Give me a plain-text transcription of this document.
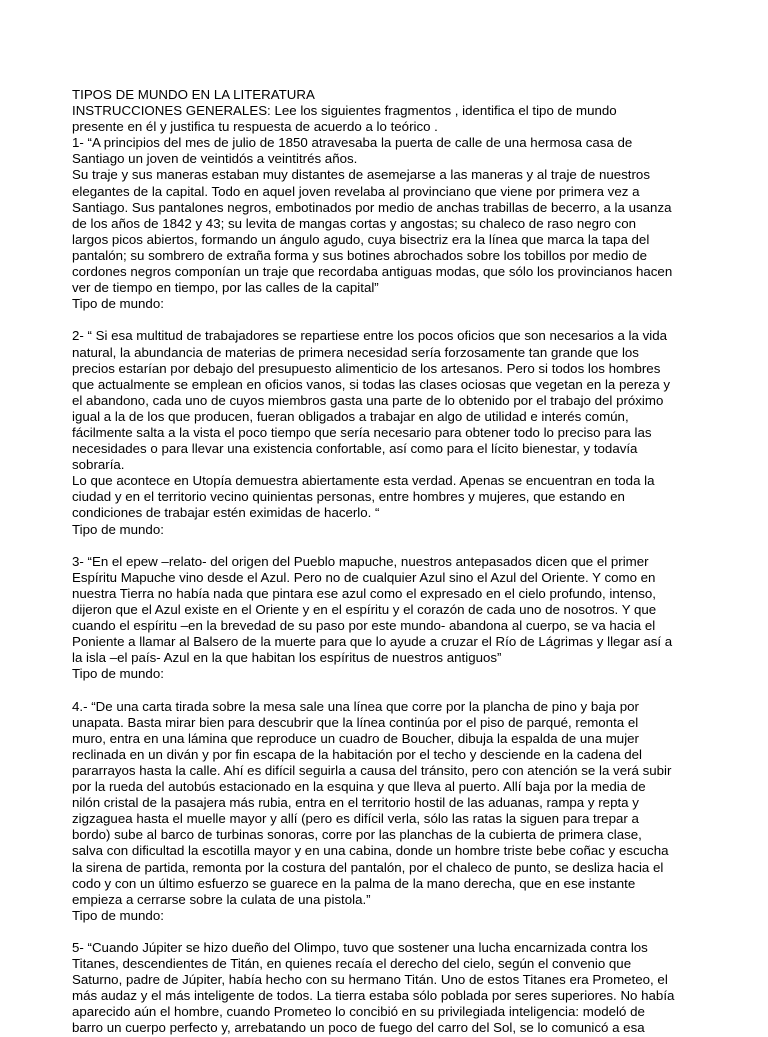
TIPOS DE MUNDO EN LA LITERATURA
INSTRUCCIONES GENERALES: Lee los siguientes fragmentos , identifica el tipo de mundo
presente en él y justifica tu respuesta de acuerdo a lo teórico .
1- “A principios del mes de julio de 1850 atravesaba la puerta de calle de una hermosa casa de
Santiago un joven de veintidós a veintitrés años.
Su traje y sus maneras estaban muy distantes de asemejarse a las maneras y al traje de nuestros
elegantes de la capital. Todo en aquel joven revelaba al provinciano que viene por primera vez a
Santiago. Sus pantalones negros, embotinados por medio de anchas trabillas de becerro, a la usanza
de los años de 1842 y 43; su levita de mangas cortas y angostas; su chaleco de raso negro con
largos picos abiertos, formando un ángulo agudo, cuya bisectriz era la línea que marca la tapa del
pantalón; su sombrero de extraña forma y sus botines abrochados sobre los tobillos por medio de
cordones negros componían un traje que recordaba antiguas modas, que sólo los provincianos hacen
ver de tiempo en tiempo, por las calles de la capital”
Tipo de mundo:
2- “ Si esa multitud de trabajadores se repartiese entre los pocos oficios que son necesarios a la vida
natural, la abundancia de materias de primera necesidad sería forzosamente tan grande que los
precios estarían por debajo del presupuesto alimenticio de los artesanos. Pero si todos los hombres
que actualmente se emplean en oficios vanos, si todas las clases ociosas que vegetan en la pereza y
el abandono, cada uno de cuyos miembros gasta una parte de lo obtenido por el trabajo del próximo
igual a la de los que producen, fueran obligados a trabajar en algo de utilidad e interés común,
fácilmente salta a la vista el poco tiempo que sería necesario para obtener todo lo preciso para las
necesidades o para llevar una existencia confortable, así como para el lícito bienestar, y todavía
sobraría.
Lo que acontece en Utopía demuestra abiertamente esta verdad. Apenas se encuentran en toda la
ciudad y en el territorio vecino quinientas personas, entre hombres y mujeres, que estando en
condiciones de trabajar estén eximidas de hacerlo. “
Tipo de mundo:
3- “En el epew –relato- del origen del Pueblo mapuche, nuestros antepasados dicen que el primer
Espíritu Mapuche vino desde el Azul. Pero no de cualquier Azul sino el Azul del Oriente. Y como en
nuestra Tierra no había nada que pintara ese azul como el expresado en el cielo profundo, intenso,
dijeron que el Azul existe en el Oriente y en el espíritu y el corazón de cada uno de nosotros. Y que
cuando el espíritu –en la brevedad de su paso por este mundo- abandona al cuerpo, se va hacia el
Poniente a llamar al Balsero de la muerte para que lo ayude a cruzar el Río de Lágrimas y llegar así a
la isla –el país- Azul en la que habitan los espíritus de nuestros antiguos”
Tipo de mundo:
4.- “De una carta tirada sobre la mesa sale una línea que corre por la plancha de pino y baja por
unapata. Basta mirar bien para descubrir que la línea continúa por el piso de parqué, remonta el
muro, entra en una lámina que reproduce un cuadro de Boucher, dibuja la espalda de una mujer
reclinada en un diván y por fin escapa de la habitación por el techo y desciende en la cadena del
pararrayos hasta la calle. Ahí es difícil seguirla a causa del tránsito, pero con atención se la verá subir
por la rueda del autobús estacionado en la esquina y que lleva al puerto. Allí baja por la media de
nilón cristal de la pasajera más rubia, entra en el territorio hostil de las aduanas, rampa y repta y
zigzaguea hasta el muelle mayor y allí (pero es difícil verla, sólo las ratas la siguen para trepar a
bordo) sube al barco de turbinas sonoras, corre por las planchas de la cubierta de primera clase,
salva con dificultad la escotilla mayor y en una cabina, donde un hombre triste bebe coñac y escucha
la sirena de partida, remonta por la costura del pantalón, por el chaleco de punto, se desliza hacia el
codo y con un último esfuerzo se guarece en la palma de la mano derecha, que en ese instante
empieza a cerrarse sobre la culata de una pistola.”
Tipo de mundo:
5- “Cuando Júpiter se hizo dueño del Olimpo, tuvo que sostener una lucha encarnizada contra los
Titanes, descendientes de Titán, en quienes recaía el derecho del cielo, según el convenio que
Saturno, padre de Júpiter, había hecho con su hermano Titán. Uno de estos Titanes era Prometeo, el
más audaz y el más inteligente de todos. La tierra estaba sólo poblada por seres superiores. No había
aparecido aún el hombre, cuando Prometeo lo concibió en su privilegiada inteligencia: modeló de
barro un cuerpo perfecto y, arrebatando un poco de fuego del carro del Sol, se lo comunicó a esa
